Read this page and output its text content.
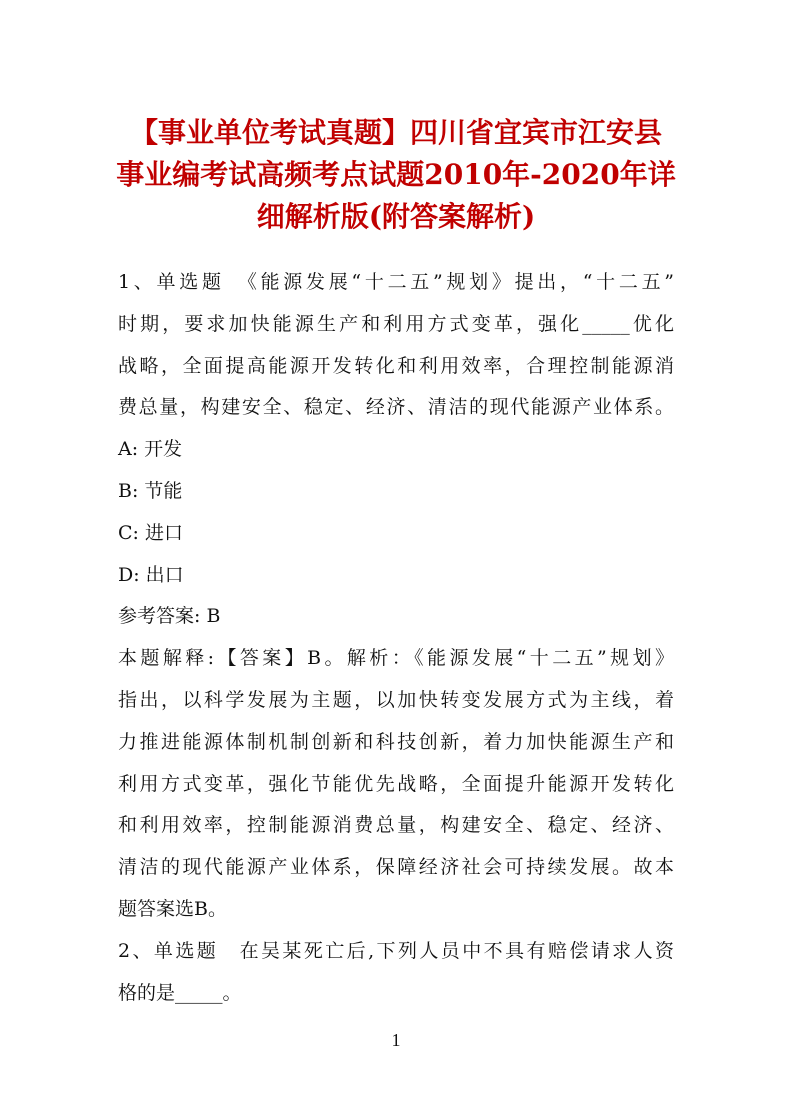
【事业单位考试真题】四川省宜宾市江安县
事业编考试高频考点试题2010年-2020年详
细解析版(附答案解析)
1、单选题　《能源发展“十二五”规划》提出，“十二五”
时期，要求加快能源生产和利用方式变革，强化_____优化
战略，全面提高能源开发转化和利用效率，合理控制能源消
费总量，构建安全、稳定、经济、清洁的现代能源产业体系。
A: 开发
B: 节能
C: 进口
D: 出口
参考答案: B
本题解释:【答案】B。解析：《能源发展“十二五”规划》
指出，以科学发展为主题，以加快转变发展方式为主线，着
力推进能源体制机制创新和科技创新，着力加快能源生产和
利用方式变革，强化节能优先战略，全面提升能源开发转化
和利用效率，控制能源消费总量，构建安全、稳定、经济、
清洁的现代能源产业体系，保障经济社会可持续发展。故本
题答案选B。
2、单选题　在吴某死亡后,下列人员中不具有赔偿请求人资
格的是_____。
1
